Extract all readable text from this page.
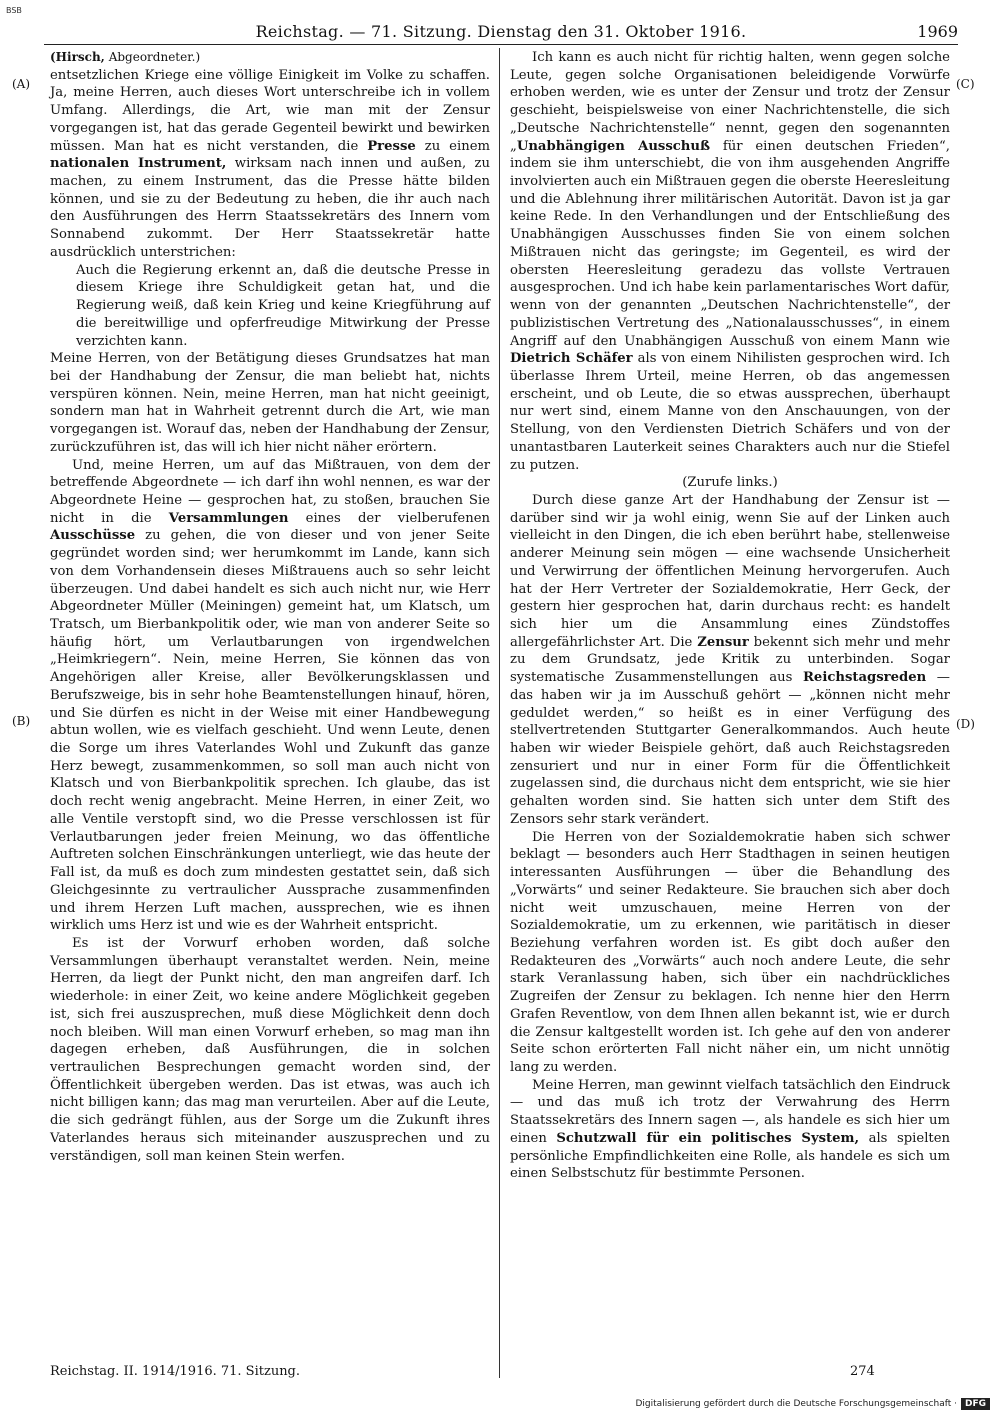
BSB
Reichstag. — 71. Sitzung. Dienstag den 31. Oktober 1916.	1969
(A)
(B)
(C)
(D)

(Hirsch, Abgeordneter.)

entsetzlichen Kriege eine völlige Einigkeit im Volke zu schaffen. Ja, meine Herren, auch dieses Wort unterschreibe ich in vollem Umfang. Allerdings, die Art, wie man mit der Zensur vorgegangen ist, hat das gerade Gegenteil bewirkt und bewirken müssen. Man hat es nicht verstanden, die Presse zu einem nationalen Instrument, wirksam nach innen und außen, zu machen, zu einem Instrument, das die Presse hätte bilden können, und sie zu der Bedeutung zu heben, die ihr auch nach den Ausführungen des Herrn Staatssekretärs des Innern vom Sonnabend zukommt. Der Herr Staatssekretär hatte ausdrücklich unterstrichen:

Auch die Regierung erkennt an, daß die deutsche Presse in diesem Kriege ihre Schuldigkeit getan hat, und die Regierung weiß, daß kein Krieg und keine Kriegführung auf die bereitwillige und opferfreudige Mitwirkung der Presse verzichten kann.

Meine Herren, von der Betätigung dieses Grundsatzes hat man bei der Handhabung der Zensur, die man beliebt hat, nichts verspüren können. Nein, meine Herren, man hat nicht geeinigt, sondern man hat in Wahrheit getrennt durch die Art, wie man vorgegangen ist. Worauf das, neben der Handhabung der Zensur, zurückzuführen ist, das will ich hier nicht näher erörtern.

Und, meine Herren, um auf das Mißtrauen, von dem der betreffende Abgeordnete — ich darf ihn wohl nennen, es war der Abgeordnete Heine — gesprochen hat, zu stoßen, brauchen Sie nicht in die Versammlungen eines der vielberufenen Ausschüsse zu gehen, die von dieser und von jener Seite gegründet worden sind; wer herumkommt im Lande, kann sich von dem Vorhandensein dieses Mißtrauens auch so sehr leicht überzeugen. Und dabei handelt es sich auch nicht nur, wie Herr Abgeordneter Müller (Meiningen) gemeint hat, um Klatsch, um Tratsch, um Bierbankpolitik oder, wie man von anderer Seite so häufig hört, um Verlautbarungen von irgendwelchen „Heimkriegern“. Nein, meine Herren, Sie können das von Angehörigen aller Kreise, aller Bevölkerungsklassen und Berufszweige, bis in sehr hohe Beamtenstellungen hinauf, hören, und Sie dürfen es nicht in der Weise mit einer Handbewegung abtun wollen, wie es vielfach geschieht. Und wenn Leute, denen die Sorge um ihres Vaterlandes Wohl und Zukunft das ganze Herz bewegt, zusammenkommen, so soll man auch nicht von Klatsch und von Bierbankpolitik sprechen. Ich glaube, das ist doch recht wenig angebracht. Meine Herren, in einer Zeit, wo alle Ventile verstopft sind, wo die Presse verschlossen ist für Verlautbarungen jeder freien Meinung, wo das öffentliche Auftreten solchen Einschränkungen unterliegt, wie das heute der Fall ist, da muß es doch zum mindesten gestattet sein, daß sich Gleichgesinnte zu vertraulicher Aussprache zusammenfinden und ihrem Herzen Luft machen, aussprechen, wie es ihnen wirklich ums Herz ist und wie es der Wahrheit entspricht.

Es ist der Vorwurf erhoben worden, daß solche Versammlungen überhaupt veranstaltet werden. Nein, meine Herren, da liegt der Punkt nicht, den man angreifen darf. Ich wiederhole: in einer Zeit, wo keine andere Möglichkeit gegeben ist, sich frei auszusprechen, muß diese Möglichkeit denn doch noch bleiben. Will man einen Vorwurf erheben, so mag man ihn dagegen erheben, daß Ausführungen, die in solchen vertraulichen Besprechungen gemacht worden sind, der Öffentlichkeit übergeben werden. Das ist etwas, was auch ich nicht billigen kann; das mag man verurteilen. Aber auf die Leute, die sich gedrängt fühlen, aus der Sorge um die Zukunft ihres Vaterlandes heraus sich miteinander auszusprechen und zu verständigen, soll man keinen Stein werfen.

Ich kann es auch nicht für richtig halten, wenn gegen solche Leute, gegen solche Organisationen beleidigende Vorwürfe erhoben werden, wie es unter der Zensur und trotz der Zensur geschieht, beispielsweise von einer Nachrichtenstelle, die sich „Deutsche Nachrichtenstelle“ nennt, gegen den sogenannten „Unabhängigen Ausschuß für einen deutschen Frieden“, indem sie ihm unterschiebt, die von ihm ausgehenden Angriffe involvierten auch ein Mißtrauen gegen die oberste Heeresleitung und die Ablehnung ihrer militärischen Autorität. Davon ist ja gar keine Rede. In den Verhandlungen und der Entschließung des Unabhängigen Ausschusses finden Sie von einem solchen Mißtrauen nicht das geringste; im Gegenteil, es wird der obersten Heeresleitung geradezu das vollste Vertrauen ausgesprochen. Und ich habe kein parlamentarisches Wort dafür, wenn von der genannten „Deutschen Nachrichtenstelle“, der publizistischen Vertretung des „Nationalausschusses“, in einem Angriff auf den Unabhängigen Ausschuß von einem Mann wie Dietrich Schäfer als von einem Nihilisten gesprochen wird. Ich überlasse Ihrem Urteil, meine Herren, ob das angemessen erscheint, und ob Leute, die so etwas aussprechen, überhaupt nur wert sind, einem Manne von den Anschauungen, von der Stellung, von den Verdiensten Dietrich Schäfers und von der unantastbaren Lauterkeit seines Charakters auch nur die Stiefel zu putzen.

(Zurufe links.)

Durch diese ganze Art der Handhabung der Zensur ist — darüber sind wir ja wohl einig, wenn Sie auf der Linken auch vielleicht in den Dingen, die ich eben berührt habe, stellenweise anderer Meinung sein mögen — eine wachsende Unsicherheit und Verwirrung der öffentlichen Meinung hervorgerufen. Auch hat der Herr Vertreter der Sozialdemokratie, Herr Geck, der gestern hier gesprochen hat, darin durchaus recht: es handelt sich hier um die Ansammlung eines Zündstoffes allergefährlichster Art. Die Zensur bekennt sich mehr und mehr zu dem Grundsatz, jede Kritik zu unterbinden. Sogar systematische Zusammenstellungen aus Reichstagsreden — das haben wir ja im Ausschuß gehört — „können nicht mehr geduldet werden,“ so heißt es in einer Verfügung des stellvertretenden Stuttgarter Generalkommandos. Auch heute haben wir wieder Beispiele gehört, daß auch Reichstagsreden zensuriert und nur in einer Form für die Öffentlichkeit zugelassen sind, die durchaus nicht dem entspricht, wie sie hier gehalten worden sind. Sie hatten sich unter dem Stift des Zensors sehr stark verändert.

Die Herren von der Sozialdemokratie haben sich schwer beklagt — besonders auch Herr Stadthagen in seinen heutigen interessanten Ausführungen — über die Behandlung des „Vorwärts“ und seiner Redakteure. Sie brauchen sich aber doch nicht weit umzuschauen, meine Herren von der Sozialdemokratie, um zu erkennen, wie paritätisch in dieser Beziehung verfahren worden ist. Es gibt doch außer den Redakteuren des „Vorwärts“ auch noch andere Leute, die sehr stark Veranlassung haben, sich über ein nachdrückliches Zugreifen der Zensur zu beklagen. Ich nenne hier den Herrn Grafen Reventlow, von dem Ihnen allen bekannt ist, wie er durch die Zensur kaltgestellt worden ist. Ich gehe auf den von anderer Seite schon erörterten Fall nicht näher ein, um nicht unnötig lang zu werden.

Meine Herren, man gewinnt vielfach tatsächlich den Eindruck — und das muß ich trotz der Verwahrung des Herrn Staatssekretärs des Innern sagen —, als handele es sich hier um einen Schutzwall für ein politisches System, als spielten persönliche Empfindlichkeiten eine Rolle, als handele es sich um einen Selbstschutz für bestimmte Personen.

Reichstag. II. 1914/1916. 71. Sitzung.	274
Digitalisierung gefördert durch die Deutsche Forschungsgemeinschaft · DFG
